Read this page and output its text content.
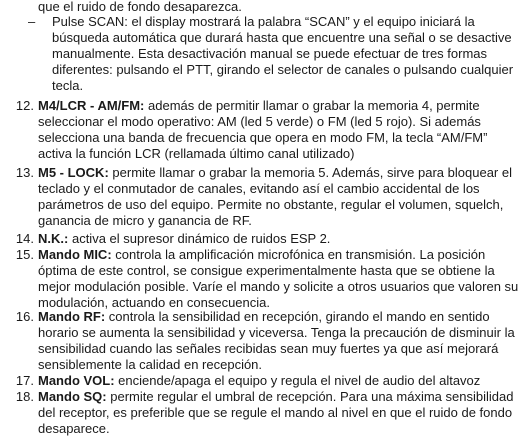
que el ruido de fondo desaparezca.
–	Pulse SCAN: el display mostrará la palabra “SCAN” y el equipo iniciará la búsqueda automática que durará hasta que encuentre una señal o se desactive manualmente. Esta desactivación manual se puede efectuar de tres formas diferentes: pulsando el PTT, girando el selector de canales o pulsando cualquier tecla.
12. M4/LCR - AM/FM: además de permitir llamar o grabar la memoria 4, permite seleccionar el modo operativo: AM (led 5 verde) o FM (led 5 rojo). Si además selecciona una banda de frecuencia que opera en modo FM, la tecla “AM/FM” activa la función LCR (rellamada último canal utilizado)
13. M5 - LOCK: permite llamar o grabar la memoria 5. Además, sirve para bloquear el teclado y el conmutador de canales, evitando así el cambio accidental de los parámetros de uso del equipo. Permite no obstante, regular el volumen, squelch, ganancia de micro y ganancia de RF.
14. N.K.: activa el supresor dinámico de ruidos ESP 2.
15. Mando MIC: controla la amplificación microfónica en transmisión. La posición óptima de este control, se consigue experimentalmente hasta que se obtiene la mejor modulación posible. Varíe el mando y solicite a otros usuarios que valoren su modulación, actuando en consecuencia.
16. Mando RF: controla la sensibilidad en recepción, girando el mando en sentido horario se aumenta la sensibilidad y viceversa. Tenga la precaución de disminuir la sensibilidad cuando las señales recibidas sean muy fuertes ya que así mejorará sensiblemente la calidad en recepción.
17. Mando VOL: enciende/apaga el equipo y regula el nivel de audio del altavoz
18. Mando SQ: permite regular el umbral de recepción. Para una máxima sensibilidad del receptor, es preferible que se regule el mando al nivel en que el ruido de fondo desaparece.
